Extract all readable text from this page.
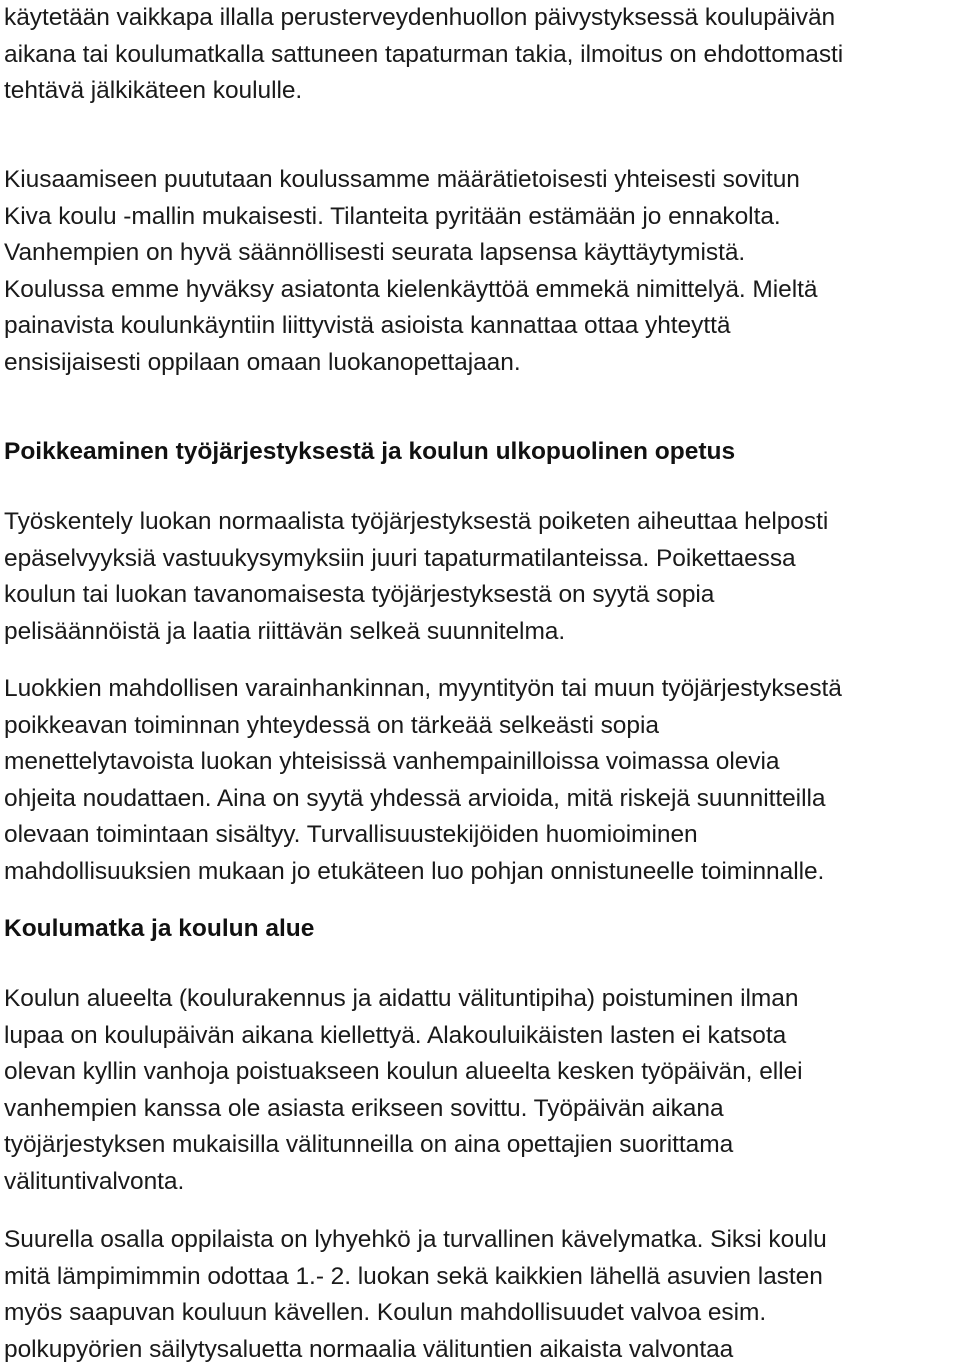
käytetään vaikkapa illalla perusterveydenhuollon päivystyksessä koulupäivän
aikana tai koulumatkalla sattuneen tapaturman takia, ilmoitus on ehdottomasti
tehtävä jälkikäteen koululle.
Kiusaamiseen puututaan koulussamme määrätietoisesti yhteisesti sovitun
Kiva koulu -mallin mukaisesti. Tilanteita pyritään estämään jo ennakolta.
Vanhempien on hyvä säännöllisesti seurata lapsensa käyttäytymistä.
Koulussa emme hyväksy asiatonta kielenkäyttöä emmekä nimittelyä. Mieltä
painavista koulunkäyntiin liittyvistä asioista kannattaa ottaa yhteyttä
ensisijaisesti oppilaan omaan luokanopettajaan.
Poikkeaminen työjärjestyksestä ja koulun ulkopuolinen opetus
Työskentely luokan normaalista työjärjestyksestä poiketen aiheuttaa helposti
epäselvyyksiä vastuukysymyksiin juuri tapaturmatilanteissa. Poikettaessa
koulun tai luokan tavanomaisesta työjärjestyksestä on syytä sopia
pelisäännöistä ja laatia riittävän selkeä suunnitelma.
Luokkien mahdollisen varainhankinnan, myyntityön tai muun työjärjestyksestä
poikkeavan toiminnan yhteydessä on tärkeää selkeästi sopia
menettelytavoista luokan yhteisissä vanhempainilloissa voimassa olevia
ohjeita noudattaen. Aina on syytä yhdessä arvioida, mitä riskejä suunnitteilla
olevaan toimintaan sisältyy. Turvallisuustekijöiden huomioiminen
mahdollisuuksien mukaan jo etukäteen luo pohjan onnistuneelle toiminnalle.
Koulumatka ja koulun alue
Koulun alueelta (koulurakennus ja aidattu välituntipiha) poistuminen ilman
lupaa on koulupäivän aikana kiellettyä. Alakouluikäisten lasten ei katsota
olevan kyllin vanhoja poistuakseen koulun alueelta kesken työpäivän, ellei
vanhempien kanssa ole asiasta erikseen sovittu. Työpäivän aikana
työjärjestyksen mukaisilla välitunneilla on aina opettajien suorittama
välituntivalvonta.
Suurella osalla oppilaista on lyhyehkö ja turvallinen kävelymatka. Siksi koulu
mitä lämpimimmin odottaa 1.- 2. luokan sekä kaikkien lähellä asuvien lasten
myös saapuvan kouluun kävellen. Koulun mahdollisuudet valvoa esim.
polkupyörien säilytysaluetta normaalia välituntien aikaista valvontaa
